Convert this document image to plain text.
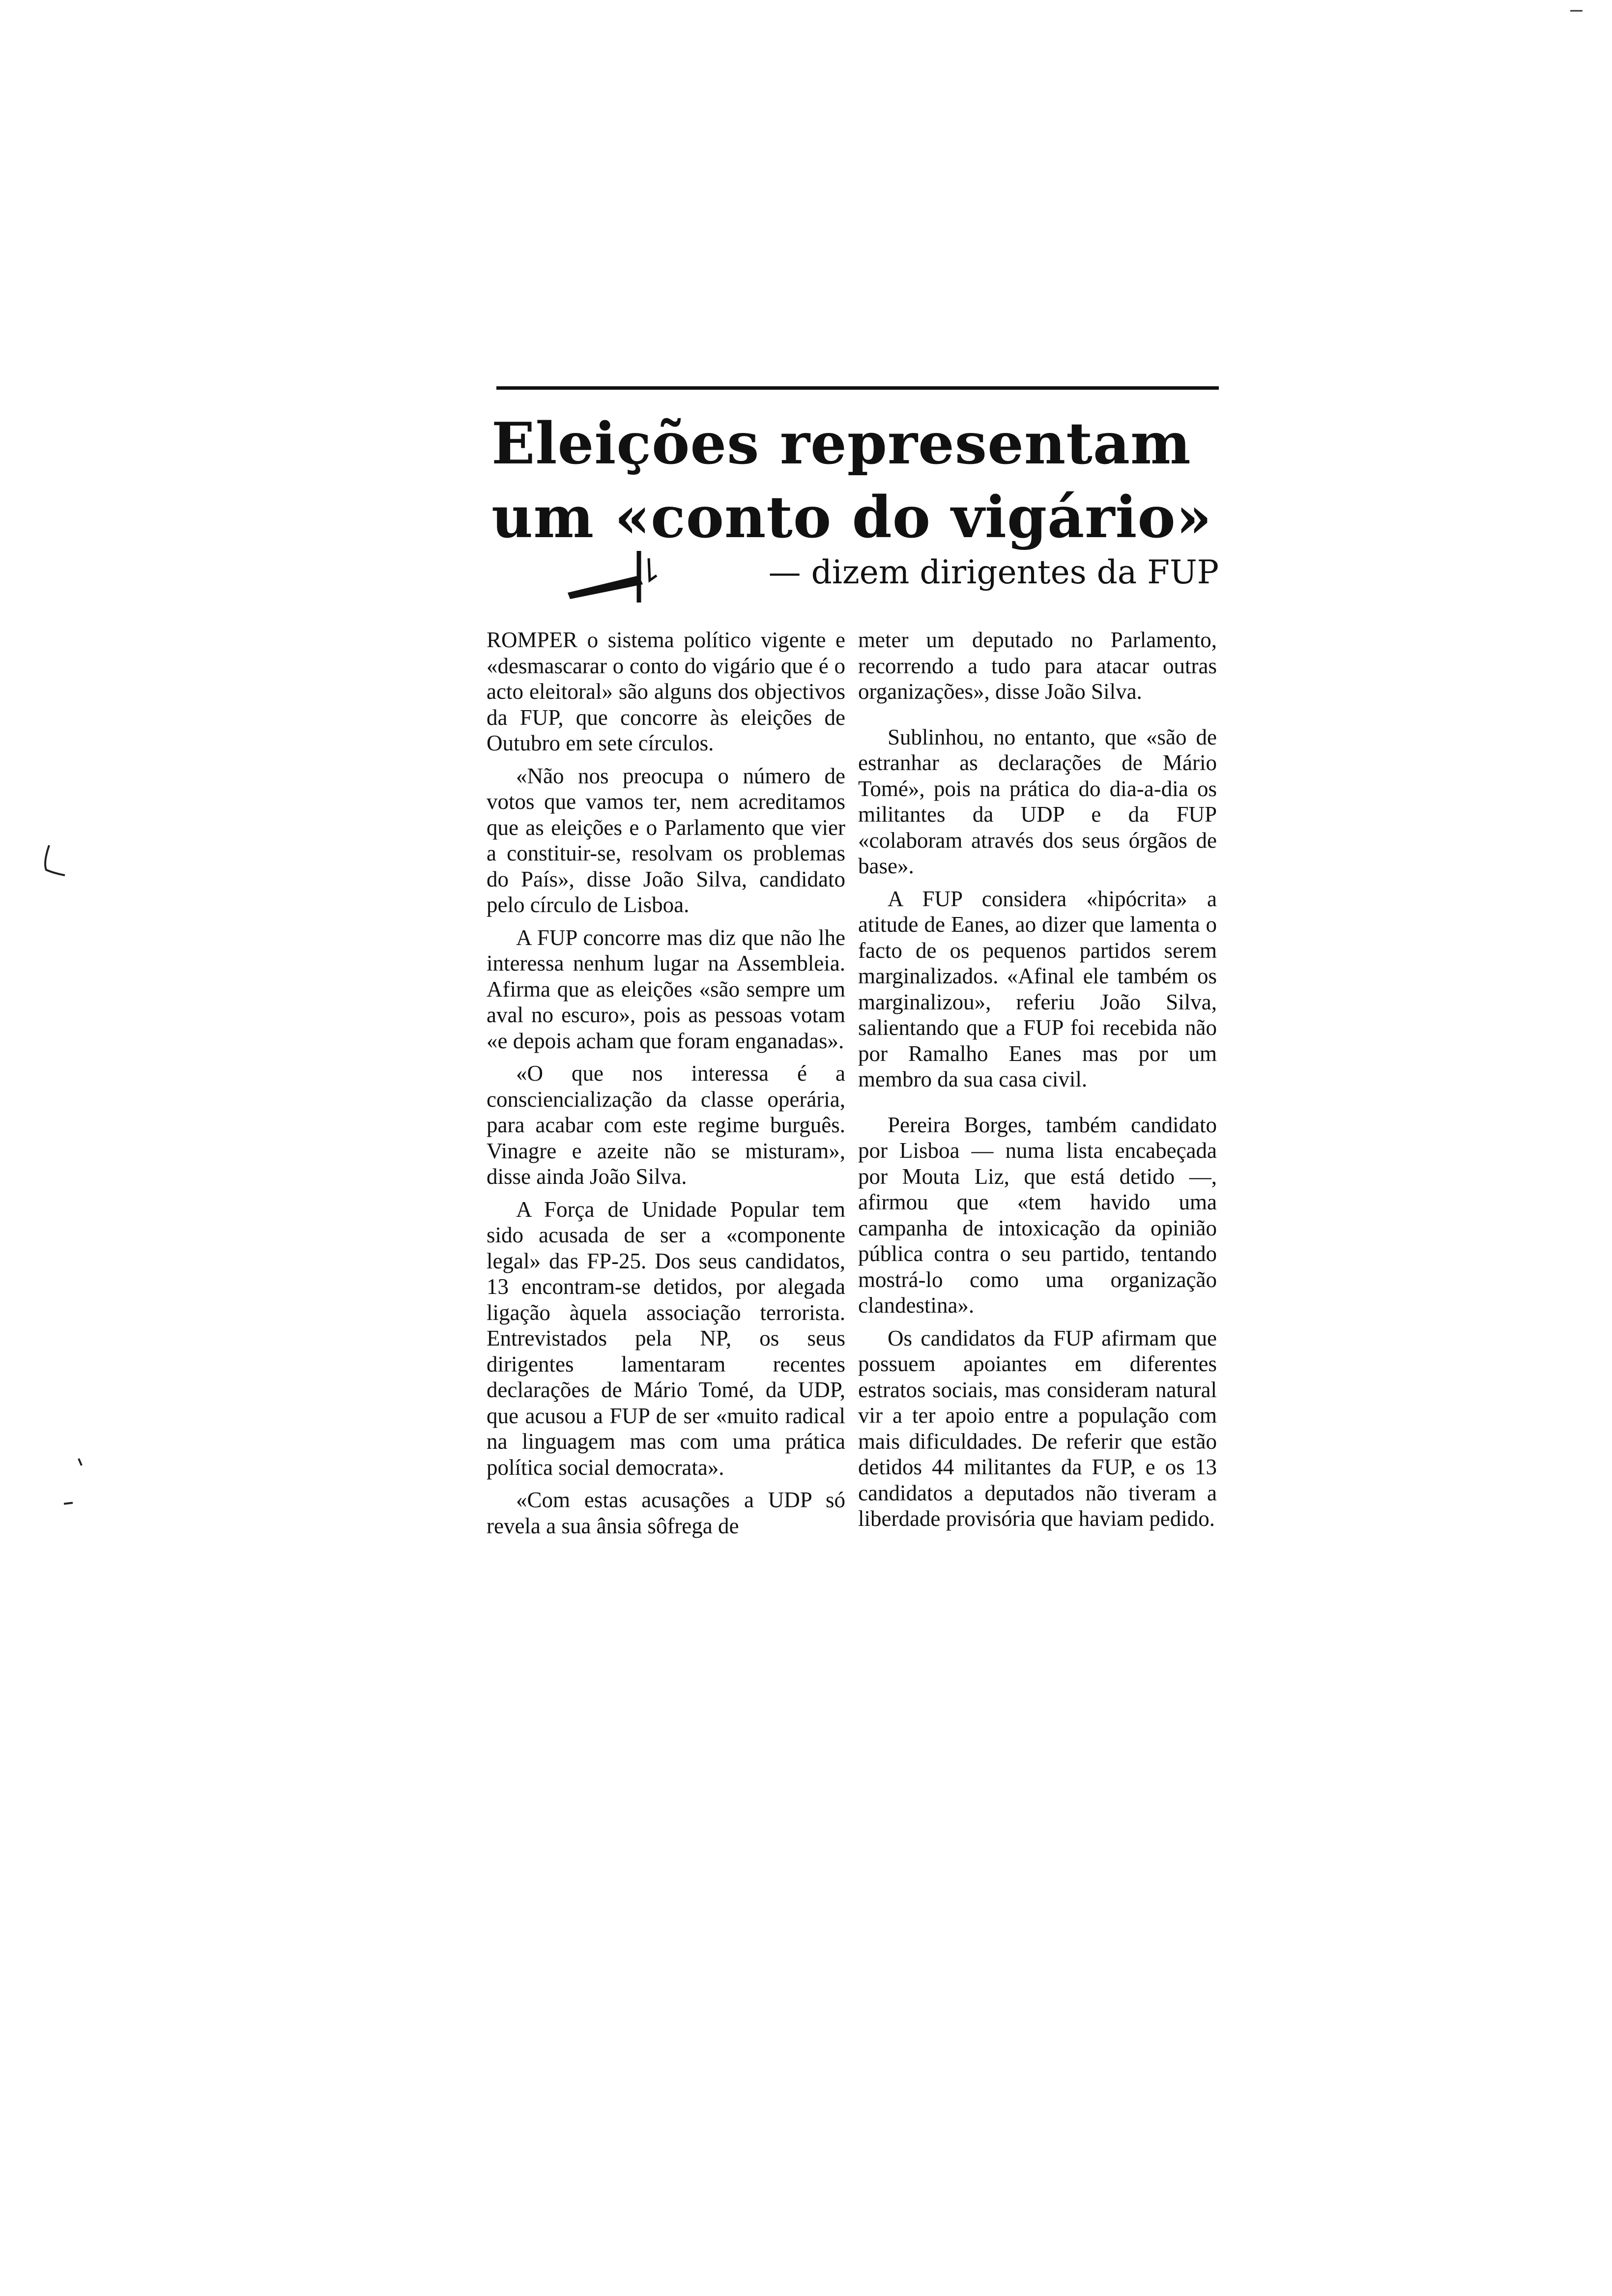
Eleições representam
um «conto do vigário»
— dizem dirigentes da FUP

ROMPER o sistema político vigente e «desmascarar o conto do vigário que é o acto eleitoral» são alguns dos objectivos da FUP, que concorre às eleições de Outubro em sete círculos.

«Não nos preocupa o número de votos que vamos ter, nem acreditamos que as eleições e o Parlamento que vier a constituir-se, resolvam os problemas do País», disse João Silva, candidato pelo círculo de Lisboa.

A FUP concorre mas diz que não lhe interessa nenhum lugar na Assembleia. Afirma que as eleições «são sempre um aval no escuro», pois as pessoas votam «e depois acham que foram enganadas».

«O que nos interessa é a consciencialização da classe operária, para acabar com este regime burguês. Vinagre e azeite não se misturam», disse ainda João Silva.

A Força de Unidade Popular tem sido acusada de ser a «componente legal» das FP-25. Dos seus candidatos, 13 encontram-se detidos, por alegada ligação àquela associação terrorista. Entrevistados pela NP, os seus dirigentes lamentaram recentes declarações de Mário Tomé, da UDP, que acusou a FUP de ser «muito radical na linguagem mas com uma prática política social democrata».

«Com estas acusações a UDP só revela a sua ânsia sôfrega de

meter um deputado no Parlamento, recorrendo a tudo para atacar outras organizações», disse João Silva.

Sublinhou, no entanto, que «são de estranhar as declarações de Mário Tomé», pois na prática do dia-a-dia os militantes da UDP e da FUP «colaboram através dos seus órgãos de base».

A FUP considera «hipócrita» a atitude de Eanes, ao dizer que lamenta o facto de os pequenos partidos serem marginalizados. «Afinal ele também os marginalizou», referiu João Silva, salientando que a FUP foi recebida não por Ramalho Eanes mas por um membro da sua casa civil.

Pereira Borges, também candidato por Lisboa — numa lista encabeçada por Mouta Liz, que está detido —, afirmou que «tem havido uma campanha de intoxicação da opinião pública contra o seu partido, tentando mostrá-lo como uma organização clandestina».

Os candidatos da FUP afirmam que possuem apoiantes em diferentes estratos sociais, mas consideram natural vir a ter apoio entre a população com mais dificuldades. De referir que estão detidos 44 militantes da FUP, e os 13 candidatos a deputados não tiveram a liberdade provisória que haviam pedido.
